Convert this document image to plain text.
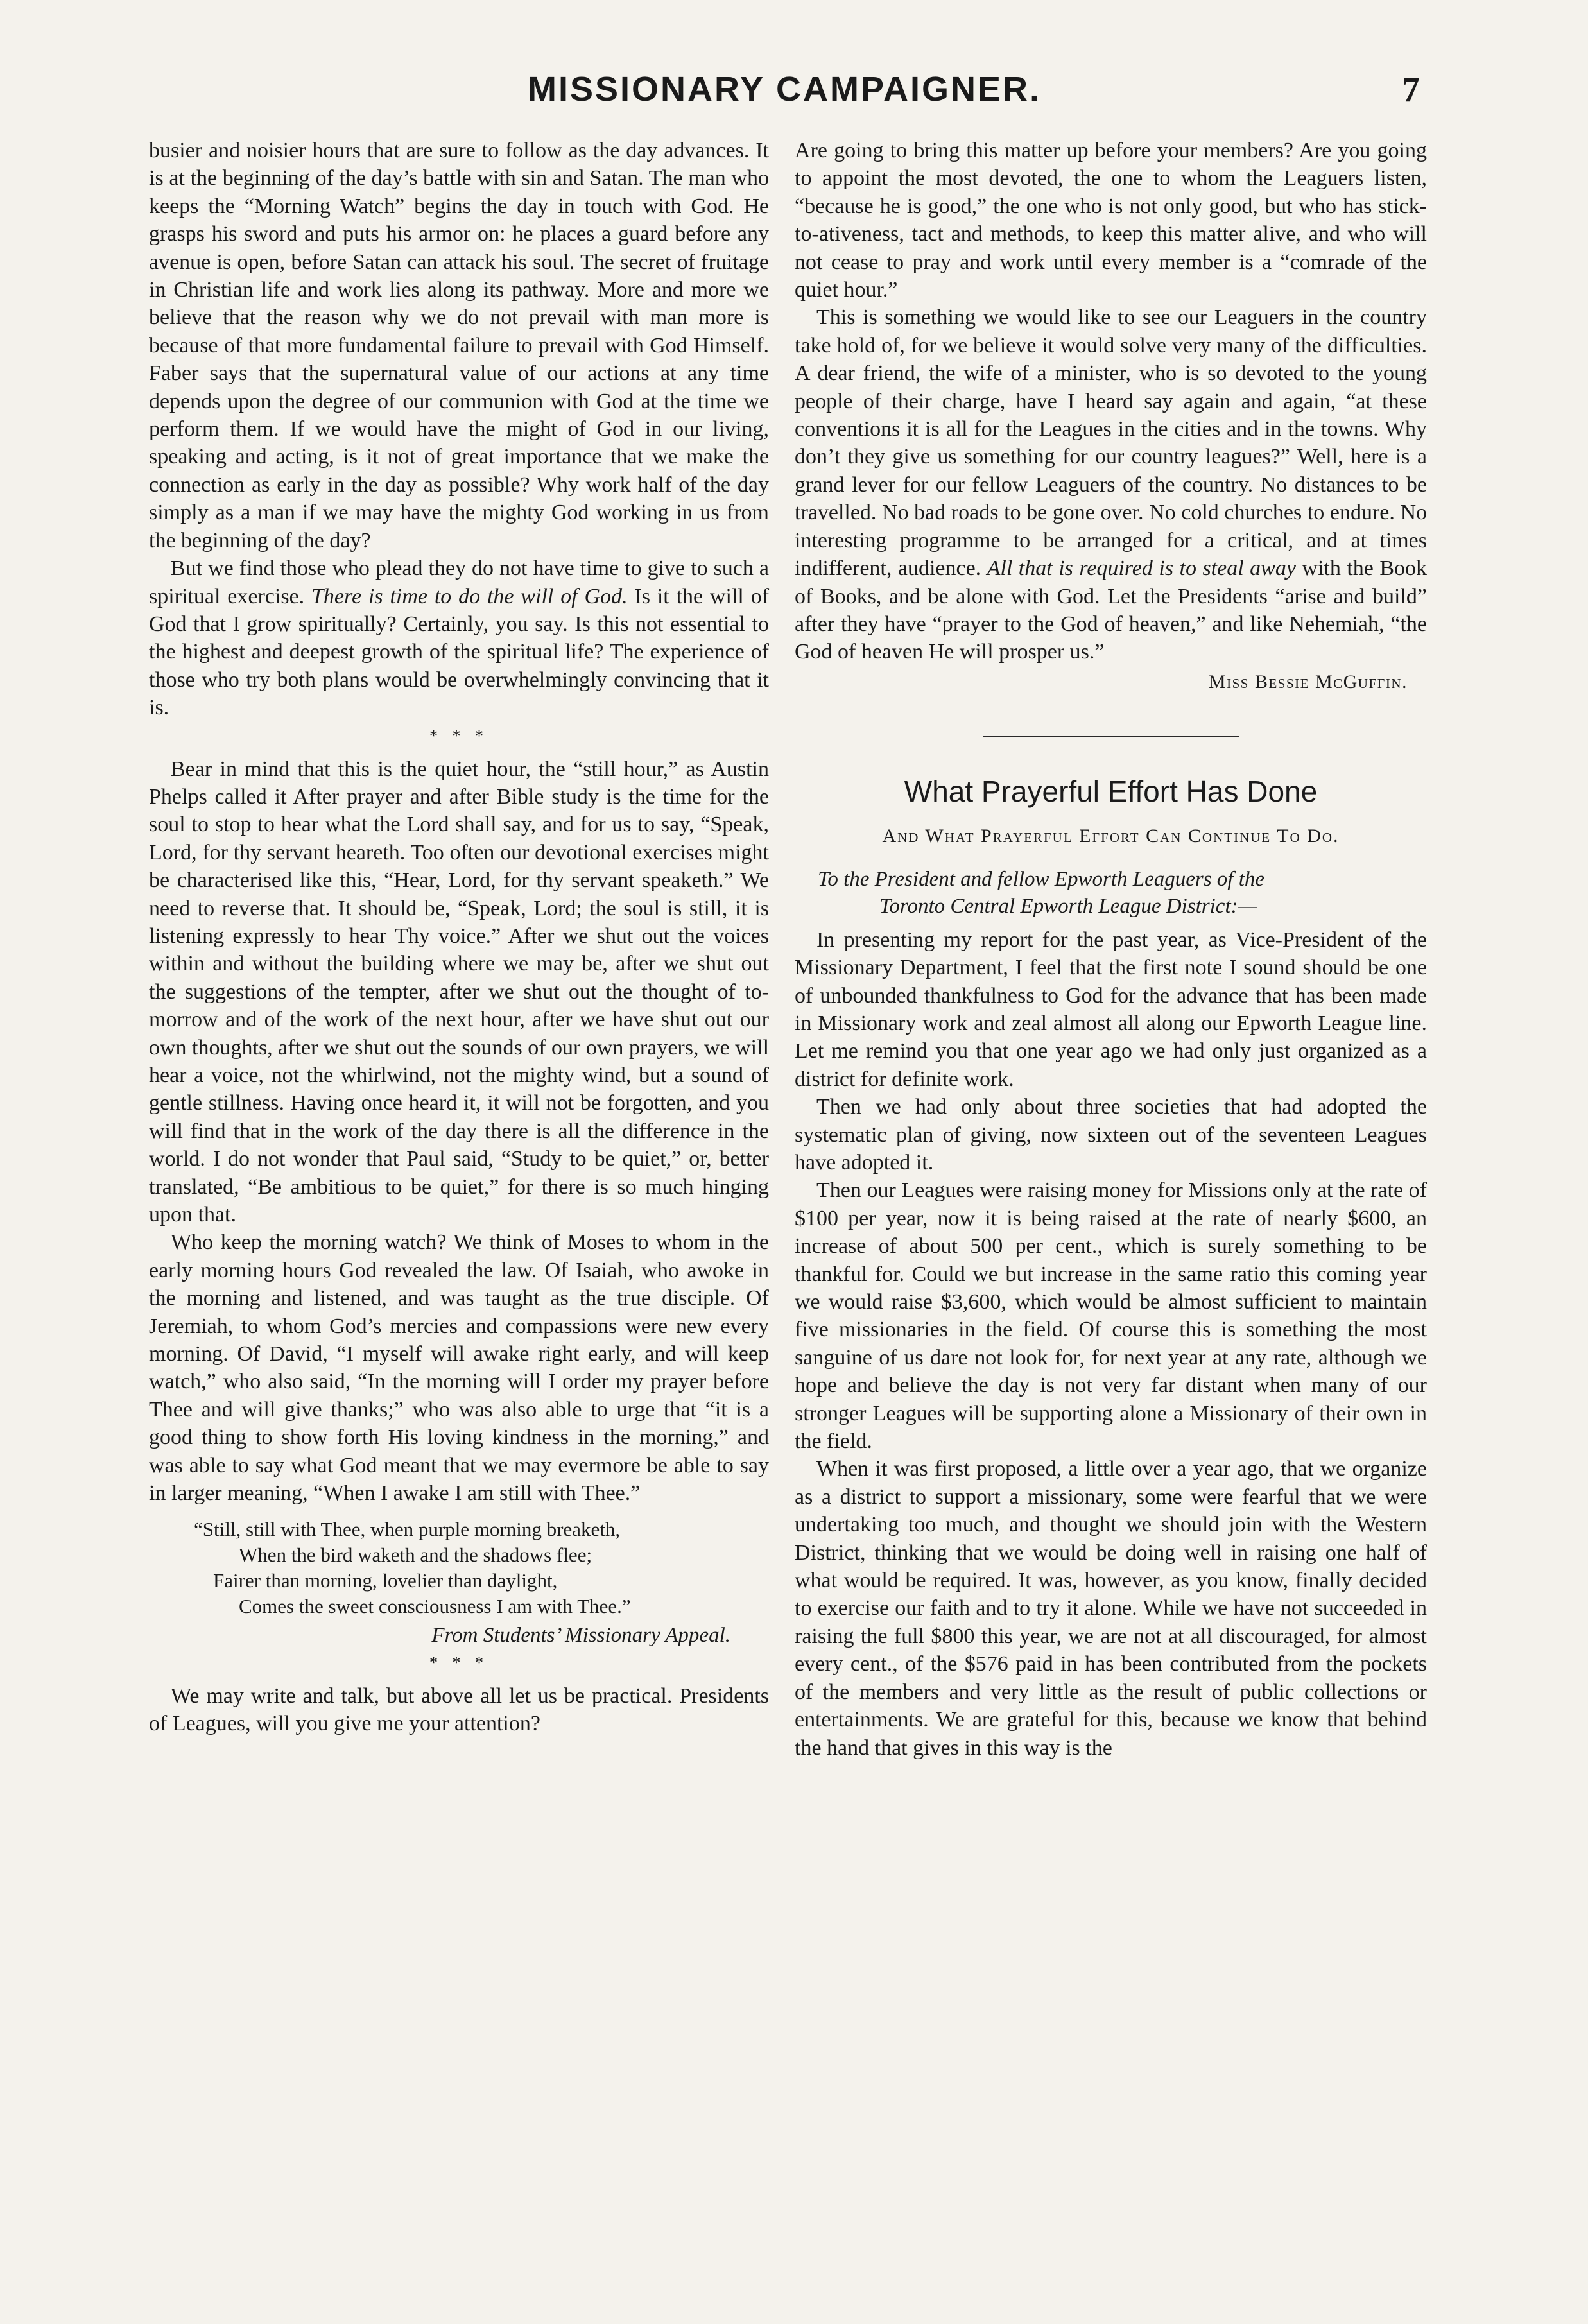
MISSIONARY CAMPAIGNER.	7

busier and noisier hours that are sure to follow as the day advances. It is at the beginning of the day’s battle with sin and Satan. The man who keeps the “Morning Watch” begins the day in touch with God. He grasps his sword and puts his armor on: he places a guard before any avenue is open, before Satan can attack his soul. The secret of fruitage in Christian life and work lies along its pathway. More and more we believe that the reason why we do not prevail with man more is because of that more fundamental failure to prevail with God Himself. Faber says that the supernatural value of our actions at any time depends upon the degree of our communion with God at the time we perform them. If we would have the might of God in our living, speaking and acting, is it not of great importance that we make the connection as early in the day as possible? Why work half of the day simply as a man if we may have the mighty God working in us from the beginning of the day?

But we find those who plead they do not have time to give to such a spiritual exercise. There is time to do the will of God. Is it the will of God that I grow spiritually? Certainly, you say. Is this not essential to the highest and deepest growth of the spiritual life? The experience of those who try both plans would be overwhelmingly convincing that it is.

* * *

Bear in mind that this is the quiet hour, the “still hour,” as Austin Phelps called it After prayer and after Bible study is the time for the soul to stop to hear what the Lord shall say, and for us to say, “Speak, Lord, for thy servant heareth. Too often our devotional exercises might be characterised like this, “Hear, Lord, for thy servant speaketh.” We need to reverse that. It should be, “Speak, Lord; the soul is still, it is listening expressly to hear Thy voice.” After we shut out the voices within and without the building where we may be, after we shut out the suggestions of the tempter, after we shut out the thought of to-morrow and of the work of the next hour, after we have shut out our own thoughts, after we shut out the sounds of our own prayers, we will hear a voice, not the whirlwind, not the mighty wind, but a sound of gentle stillness. Having once heard it, it will not be forgotten, and you will find that in the work of the day there is all the difference in the world. I do not wonder that Paul said, “Study to be quiet,” or, better translated, “Be ambitious to be quiet,” for there is so much hinging upon that.

Who keep the morning watch? We think of Moses to whom in the early morning hours God revealed the law. Of Isaiah, who awoke in the morning and listened, and was taught as the true disciple. Of Jeremiah, to whom God’s mercies and compassions were new every morning. Of David, “I myself will awake right early, and will keep watch,” who also said, “In the morning will I order my prayer before Thee and will give thanks;” who was also able to urge that “it is a good thing to show forth His loving kindness in the morning,” and was able to say what God meant that we may evermore be able to say in larger meaning, “When I awake I am still with Thee.”

“Still, still with Thee, when purple morning breaketh,
When the bird waketh and the shadows flee;
Fairer than morning, lovelier than daylight,
Comes the sweet consciousness I am with Thee.”
From Students’ Missionary Appeal.
* * *

We may write and talk, but above all let us be practical. Presidents of Leagues, will you give me your attention?

Are going to bring this matter up before your members? Are you going to appoint the most devoted, the one to whom the Leaguers listen, “because he is good,” the one who is not only good, but who has stick-to-ativeness, tact and methods, to keep this matter alive, and who will not cease to pray and work until every member is a “comrade of the quiet hour.”

This is something we would like to see our Leaguers in the country take hold of, for we believe it would solve very many of the difficulties. A dear friend, the wife of a minister, who is so devoted to the young people of their charge, have I heard say again and again, “at these conventions it is all for the Leagues in the cities and in the towns. Why don’t they give us something for our country leagues?” Well, here is a grand lever for our fellow Leaguers of the country. No distances to be travelled. No bad roads to be gone over. No cold churches to endure. No interesting programme to be arranged for a critical, and at times indifferent, audience. All that is required is to steal away with the Book of Books, and be alone with God. Let the Presidents “arise and build” after they have “prayer to the God of heaven,” and like Nehemiah, “the God of heaven He will prosper us.”

Miss Bessie McGuffin.
What Prayerful Effort Has Done
And What Prayerful Effort Can Continue To Do.

To the President and fellow Epworth Leaguers of the
Toronto Central Epworth League District:—

In presenting my report for the past year, as Vice-President of the Missionary Department, I feel that the first note I sound should be one of unbounded thankfulness to God for the advance that has been made in Missionary work and zeal almost all along our Epworth League line. Let me remind you that one year ago we had only just organized as a district for definite work.

Then we had only about three societies that had adopted the systematic plan of giving, now sixteen out of the seventeen Leagues have adopted it.

Then our Leagues were raising money for Missions only at the rate of $100 per year, now it is being raised at the rate of nearly $600, an increase of about 500 per cent., which is surely something to be thankful for. Could we but increase in the same ratio this coming year we would raise $3,600, which would be almost sufficient to maintain five missionaries in the field. Of course this is something the most sanguine of us dare not look for, for next year at any rate, although we hope and believe the day is not very far distant when many of our stronger Leagues will be supporting alone a Missionary of their own in the field.

When it was first proposed, a little over a year ago, that we organize as a district to support a missionary, some were fearful that we were undertaking too much, and thought we should join with the Western District, thinking that we would be doing well in raising one half of what would be required. It was, however, as you know, finally decided to exercise our faith and to try it alone. While we have not succeeded in raising the full $800 this year, we are not at all discouraged, for almost every cent., of the $576 paid in has been contributed from the pockets of the members and very little as the result of public collections or entertainments. We are grateful for this, because we know that behind the hand that gives in this way is the
